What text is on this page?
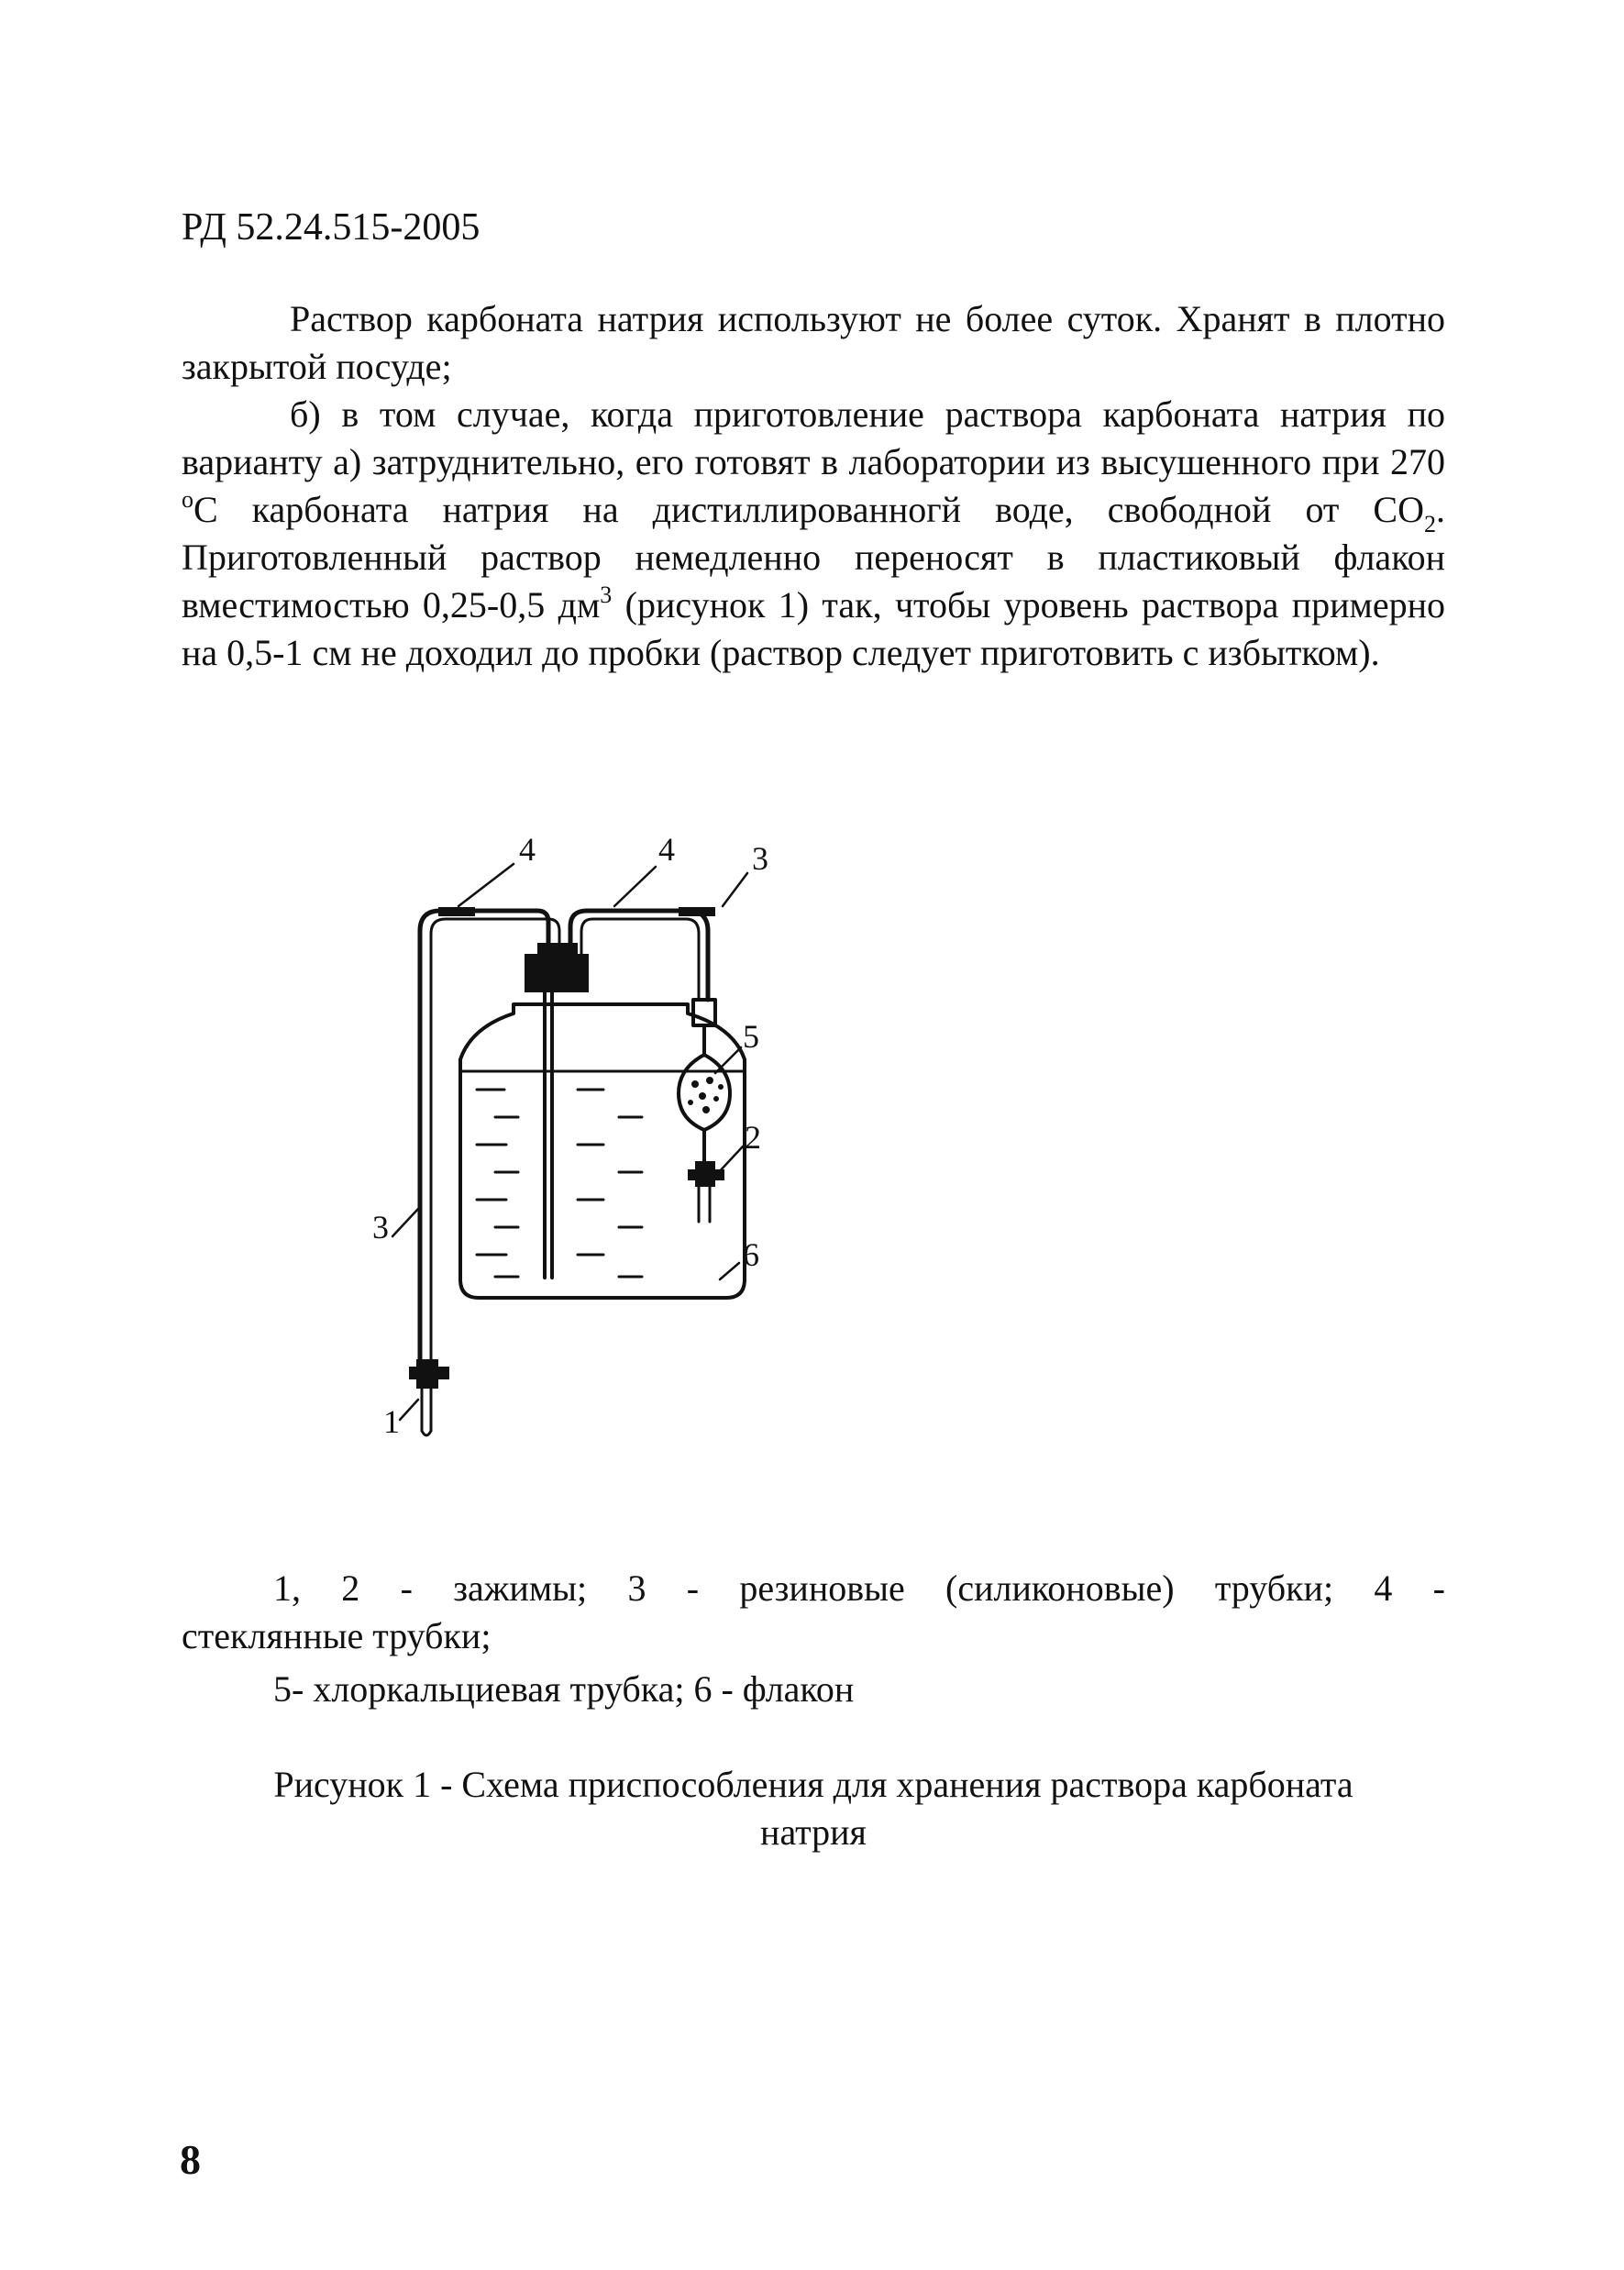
РД 52.24.515-2005

Раствор карбоната натрия используют не более суток. Хранят в плотно закрытой посуде;

б) в том случае, когда приготовление раствора карбоната натрия по варианту а) затруднительно, его готовят в лаборатории из высушенного при 270 $^о$С карбоната натрия на дистиллированногй воде, свободной от $СО_2$. Приготовленный раствор немедленно переносят в пластиковый флакон вместимостью 0,25-0,5 $дм^3$ (рисунок 1) так, чтобы уровень раствора примерно на 0,5-1 см не доходил до пробки (раствор следует приготовить с избытком).

4	4 3
5
2
3
6
1
1, 2 - зажимы; 3 - резиновые (силиконовые) трубки; 4 -
стеклянные трубки;
5- хлоркальциевая трубка; 6 - флакон
Рисунок 1 - Схема приспособления для хранения раствора карбоната
натрия
8
